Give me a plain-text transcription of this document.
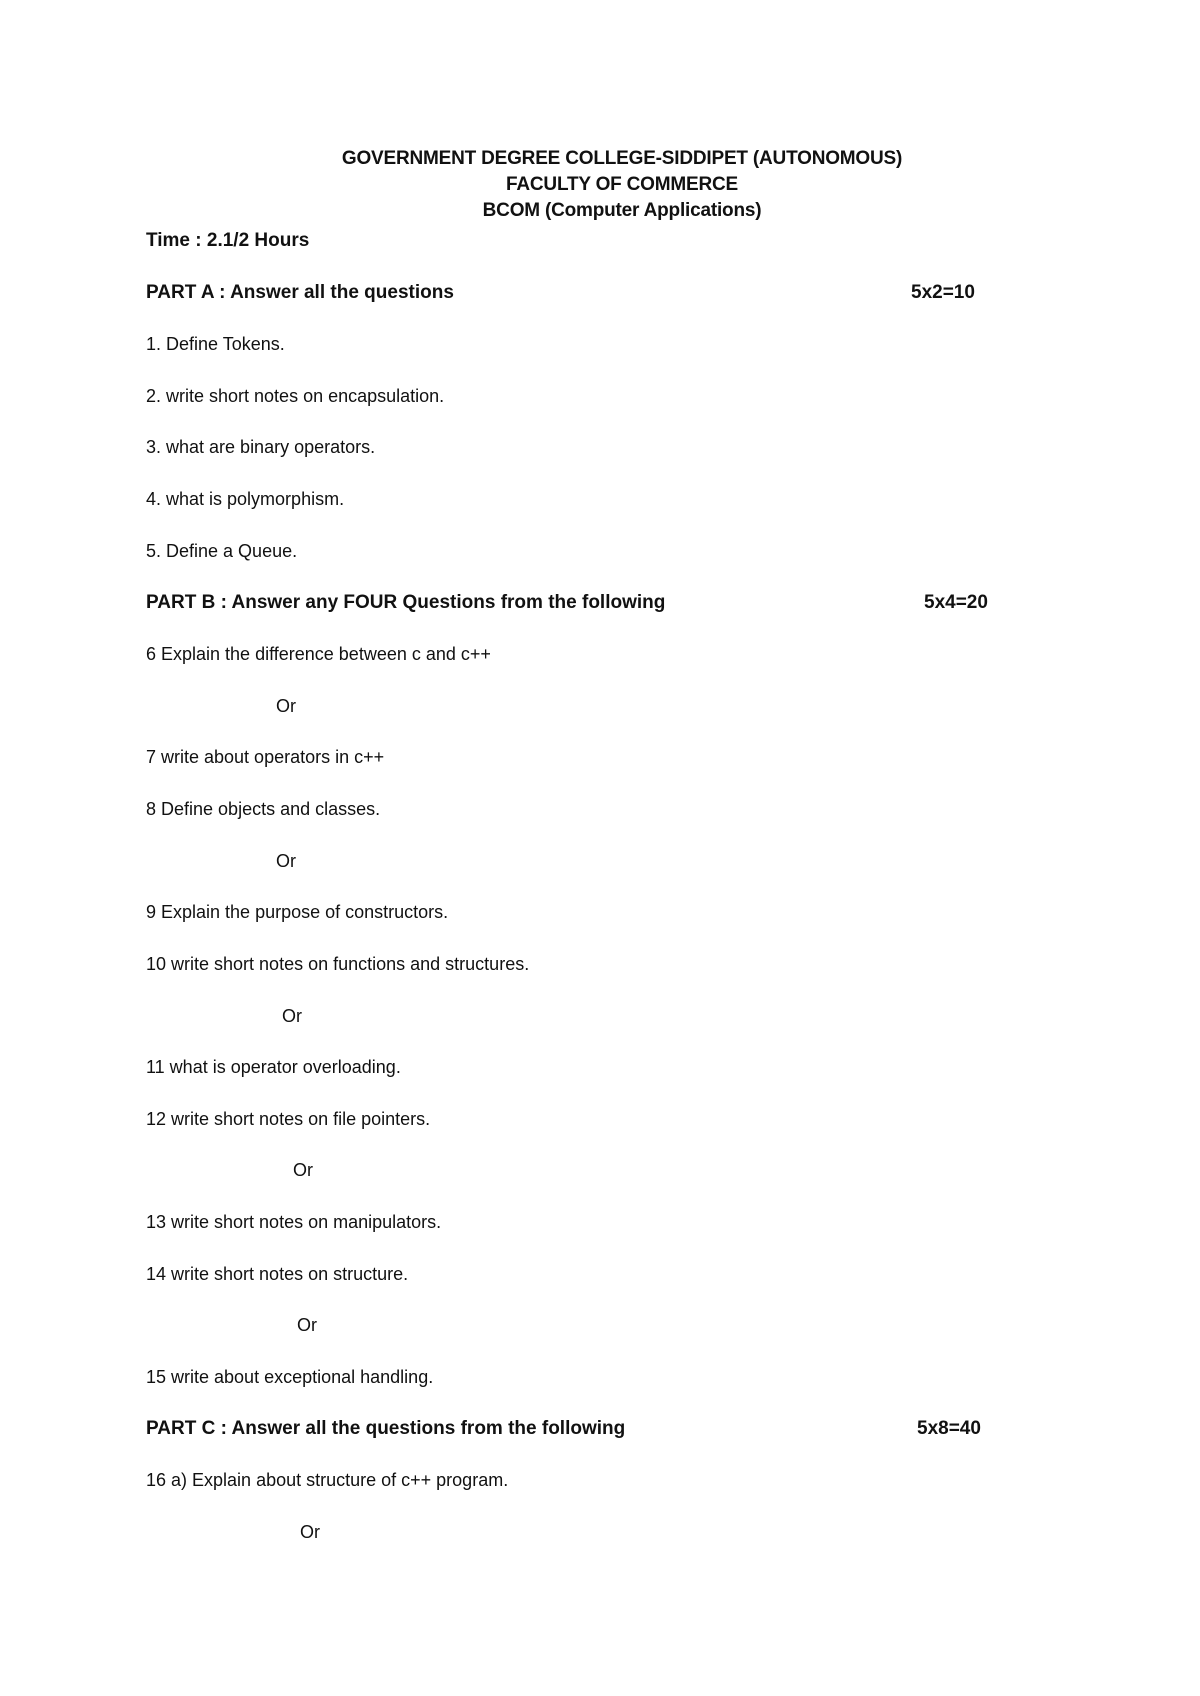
GOVERNMENT DEGREE COLLEGE-SIDDIPET (AUTONOMOUS)
FACULTY OF COMMERCE
BCOM (Computer Applications)
Time : 2.1/2 Hours
PART A : Answer all the questions	5x2=10
1. Define Tokens.
2. write short notes on encapsulation.
3. what are binary operators.
4. what is polymorphism.
5. Define a Queue.
PART B : Answer any FOUR Questions from the following	5x4=20
6 Explain the difference between c and c++
Or
7 write about operators in c++
8 Define objects and classes.
Or
9 Explain the purpose of constructors.
10 write short notes on functions and structures.
Or
11 what is operator overloading.
12 write short notes on file pointers.
Or
13 write short notes on manipulators.
14 write short notes on structure.
Or
15 write about exceptional handling.
PART C : Answer all the questions from the following	5x8=40
16 a) Explain about structure of c++ program.
Or
